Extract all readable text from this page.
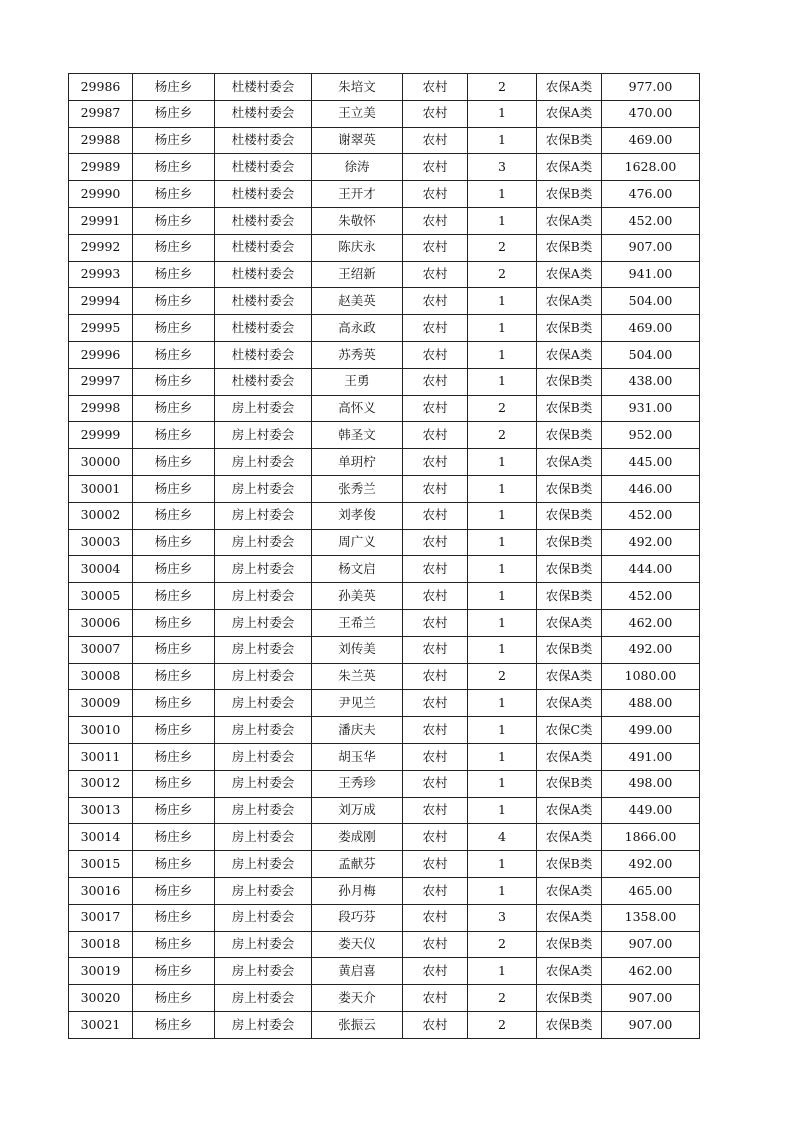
29986	杨庄乡	杜楼村委会	朱培文	农村	2	农保A类	977.00
29987	杨庄乡	杜楼村委会	王立美	农村	1	农保A类	470.00
29988	杨庄乡	杜楼村委会	谢翠英	农村	1	农保B类	469.00
29989	杨庄乡	杜楼村委会	徐涛	农村	3	农保A类	1628.00
29990	杨庄乡	杜楼村委会	王开才	农村	1	农保B类	476.00
29991	杨庄乡	杜楼村委会	朱敬怀	农村	1	农保A类	452.00
29992	杨庄乡	杜楼村委会	陈庆永	农村	2	农保B类	907.00
29993	杨庄乡	杜楼村委会	王绍新	农村	2	农保A类	941.00
29994	杨庄乡	杜楼村委会	赵美英	农村	1	农保A类	504.00
29995	杨庄乡	杜楼村委会	高永政	农村	1	农保B类	469.00
29996	杨庄乡	杜楼村委会	苏秀英	农村	1	农保A类	504.00
29997	杨庄乡	杜楼村委会	王勇	农村	1	农保B类	438.00
29998	杨庄乡	房上村委会	高怀义	农村	2	农保B类	931.00
29999	杨庄乡	房上村委会	韩圣文	农村	2	农保B类	952.00
30000	杨庄乡	房上村委会	单玥柠	农村	1	农保A类	445.00
30001	杨庄乡	房上村委会	张秀兰	农村	1	农保B类	446.00
30002	杨庄乡	房上村委会	刘孝俊	农村	1	农保B类	452.00
30003	杨庄乡	房上村委会	周广义	农村	1	农保B类	492.00
30004	杨庄乡	房上村委会	杨文启	农村	1	农保B类	444.00
30005	杨庄乡	房上村委会	孙美英	农村	1	农保B类	452.00
30006	杨庄乡	房上村委会	王希兰	农村	1	农保A类	462.00
30007	杨庄乡	房上村委会	刘传美	农村	1	农保B类	492.00
30008	杨庄乡	房上村委会	朱兰英	农村	2	农保A类	1080.00
30009	杨庄乡	房上村委会	尹见兰	农村	1	农保A类	488.00
30010	杨庄乡	房上村委会	潘庆夫	农村	1	农保C类	499.00
30011	杨庄乡	房上村委会	胡玉华	农村	1	农保A类	491.00
30012	杨庄乡	房上村委会	王秀珍	农村	1	农保B类	498.00
30013	杨庄乡	房上村委会	刘万成	农村	1	农保A类	449.00
30014	杨庄乡	房上村委会	娄成刚	农村	4	农保A类	1866.00
30015	杨庄乡	房上村委会	孟献芬	农村	1	农保B类	492.00
30016	杨庄乡	房上村委会	孙月梅	农村	1	农保A类	465.00
30017	杨庄乡	房上村委会	段巧芬	农村	3	农保A类	1358.00
30018	杨庄乡	房上村委会	娄天仪	农村	2	农保B类	907.00
30019	杨庄乡	房上村委会	黄启喜	农村	1	农保A类	462.00
30020	杨庄乡	房上村委会	娄天介	农村	2	农保B类	907.00
30021	杨庄乡	房上村委会	张振云	农村	2	农保B类	907.00
